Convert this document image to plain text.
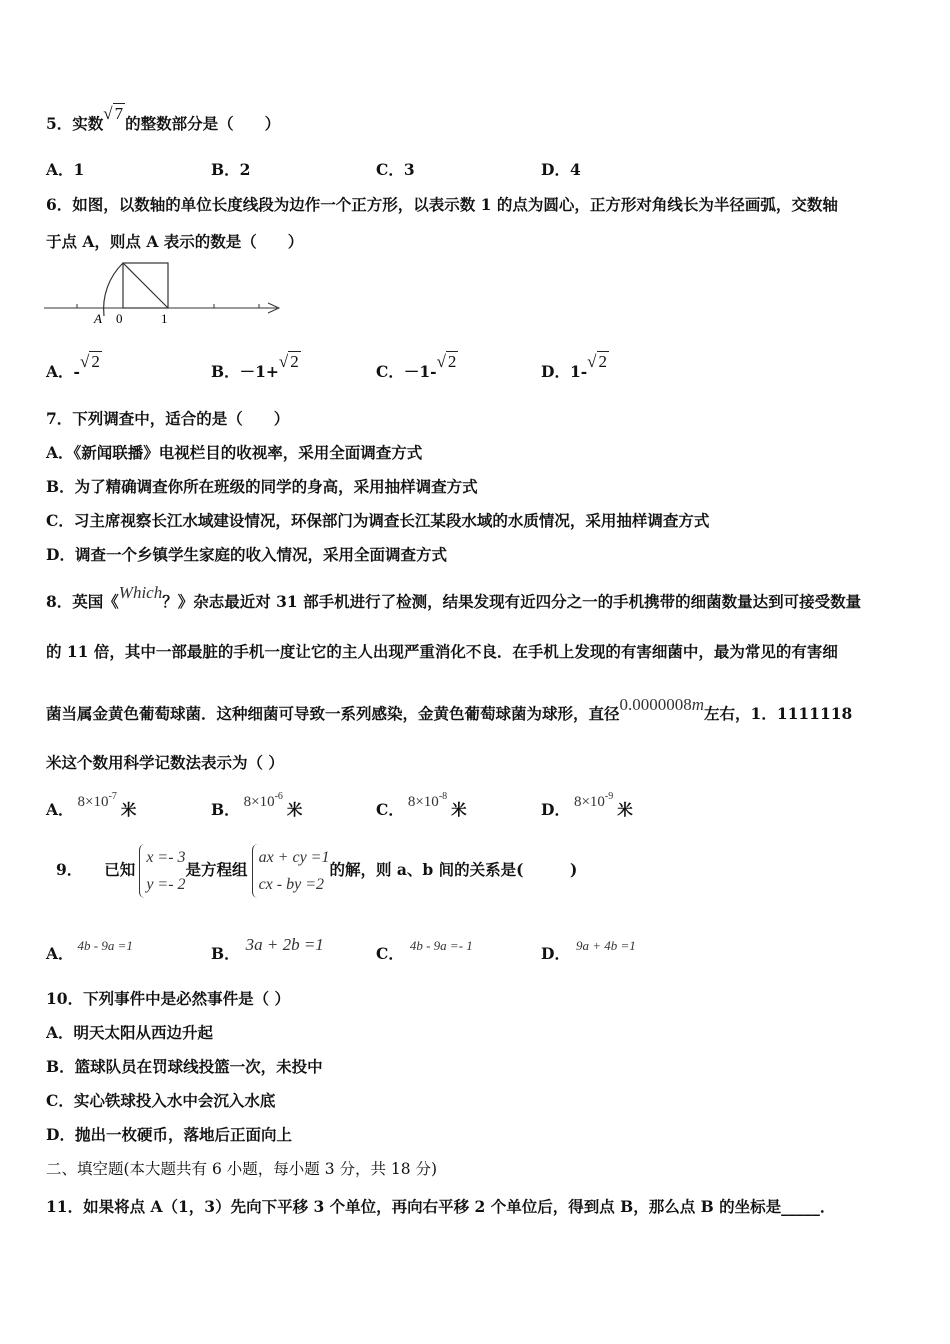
5．实数√ 7的整数部分是（　　）
A．1	B．2	C．3	D．4
6．如图，以数轴的单位长度线段为边作一个正方形，以表示数 1 的点为圆心，正方形对角线长为半径画弧，交数轴
于点 A，则点 A 表示的数是（　　）
A 0	1
A．-√ 2
B．－1+√ 2
C．－1-√ 2
D．1-√ 2
7．下列调查中，适合的是（　　）
A．《新闻联播》电视栏目的收视率，采用全面调查方式
B．为了精确调查你所在班级的同学的身高，采用抽样调查方式
C．习主席视察长江水域建设情况，环保部门为调查长江某段水域的水质情况，采用抽样调查方式
D．调查一个乡镇学生家庭的收入情况，采用全面调查方式
8．英国《Which？》杂志最近对 31 部手机进行了检测，结果发现有近四分之一的手机携带的细菌数量达到可接受数量
的 11 倍，其中一部最脏的手机一度让它的主人出现严重消化不良．在手机上发现的有害细菌中，最为常见的有害细
菌当属金黄色葡萄球菌．这种细菌可导致一系列感染，金黄色葡萄球菌为球形，直径0.0000008m左右，1．1111118
米这个数用科学记数法表示为（ ）
A． $8\times 10^{-7}$米	B． $8\times 10^{-6}$米	C． $8\times 10^{-8}$米	D． $8\times 10^{-9}$米
9． 已知x =- 3
y =- 2是方程组ax + cy =1
cx - by =2的解，则 a、b 间的关系是(　　　)
A． $^{4b - 9a =1}$	B． 3a + 2b =1	C． $^{4b - 9a =- 1}$	D． $^{9a + 4b =1}$
10．下列事件中是必然事件是（ ）
A．明天太阳从西边升起
B．篮球队员在罚球线投篮一次，未投中
C．实心铁球投入水中会沉入水底
D．抛出一枚硬币，落地后正面向上
二、填空题(本大题共有 6 小题，每小题 3 分，共 18 分)
11．如果将点 A（1，3）先向下平移 3 个单位，再向右平移 2 个单位后，得到点 B，那么点 B 的坐标是_____．
